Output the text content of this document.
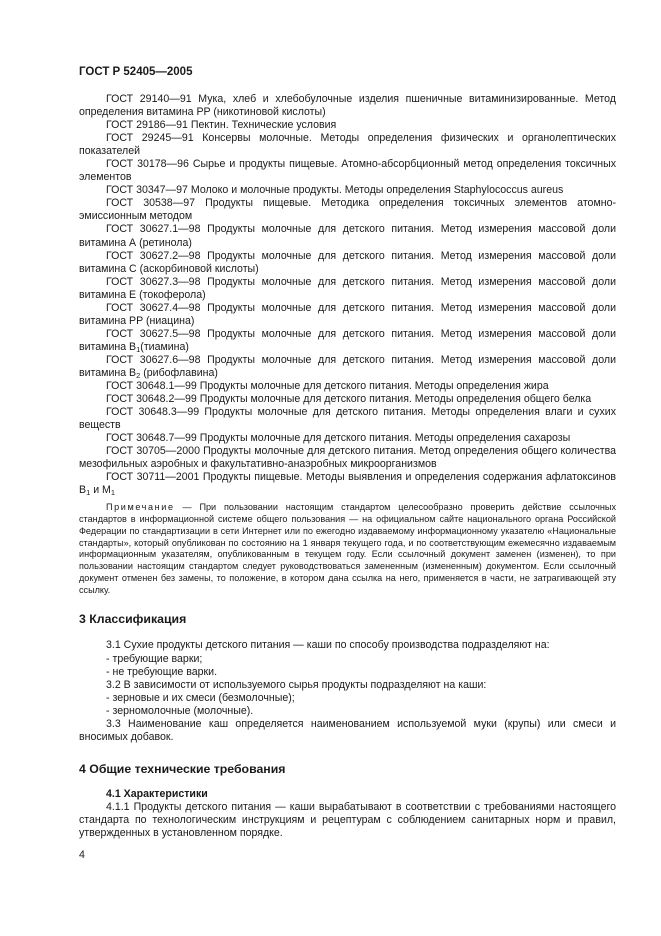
ГОСТ Р 52405—2005

ГОСТ 29140—91 Мука, хлеб и хлебобулочные изделия пшеничные витаминизированные. Метод определения витамина PP (никотиновой кислоты)

ГОСТ 29186—91 Пектин. Технические условия

ГОСТ 29245—91 Консервы молочные. Методы определения физических и органолептических показателей

ГОСТ 30178—96 Сырье и продукты пищевые. Атомно-абсорбционный метод определения токсичных элементов

ГОСТ 30347—97 Молоко и молочные продукты. Методы определения Staphylococcus aureus

ГОСТ 30538—97 Продукты пищевые. Методика определения токсичных элементов атомно-эмиссионным методом

ГОСТ 30627.1—98 Продукты молочные для детского питания. Метод измерения массовой доли витамина А (ретинола)

ГОСТ 30627.2—98 Продукты молочные для детского питания. Метод измерения массовой доли витамина С (аскорбиновой кислоты)

ГОСТ 30627.3—98 Продукты молочные для детского питания. Метод измерения массовой доли витамина Е (токоферола)

ГОСТ 30627.4—98 Продукты молочные для детского питания. Метод измерения массовой доли витамина PP (ниацина)

ГОСТ 30627.5—98 Продукты молочные для детского питания. Метод измерения массовой доли витамина $B_1(тиамина)$

ГОСТ 30627.6—98 Продукты молочные для детского питания. Метод измерения массовой доли витамина $B_2$ (рибофлавина)

ГОСТ 30648.1—99 Продукты молочные для детского питания. Методы определения жира

ГОСТ 30648.2—99 Продукты молочные для детского питания. Методы определения общего белка

ГОСТ 30648.3—99 Продукты молочные для детского питания. Методы определения влаги и сухих веществ

ГОСТ 30648.7—99 Продукты молочные для детского питания. Методы определения сахарозы

ГОСТ 30705—2000 Продукты молочные для детского питания. Метод определения общего количества мезофильных аэробных и факультативно-анаэробных микроорганизмов

ГОСТ 30711—2001 Продукты пищевые. Методы выявления и определения содержания афлатоксинов $B_1$ и $M_1$

Примечание — При пользовании настоящим стандартом целесообразно проверить действие ссылочных стандартов в информационной системе общего пользования — на официальном сайте национального органа Российской Федерации по стандартизации в сети Интернет или по ежегодно издаваемому информационному указателю «Национальные стандарты», который опубликован по состоянию на 1 января текущего года, и по соответствующим ежемесячно издаваемым информационным указателям, опубликованным в текущем году. Если ссылочный документ заменен (изменен), то при пользовании настоящим стандартом следует руководствоваться замененным (измененным) документом. Если ссылочный документ отменен без замены, то положение, в котором дана ссылка на него, применяется в части, не затрагивающей эту ссылку.

3 Классификация

3.1 Сухие продукты детского питания — каши по способу производства подразделяют на:

- требующие варки;

- не требующие варки.

3.2 В зависимости от используемого сырья продукты подразделяют на каши:

- зерновые и их смеси (безмолочные);

- зерномолочные (молочные).

3.3 Наименование каш определяется наименованием используемой муки (крупы) или смеси и вносимых добавок.

4 Общие технические требования

4.1 Характеристики

4.1.1 Продукты детского питания — каши вырабатывают в соответствии с требованиями настоящего стандарта по технологическим инструкциям и рецептурам с соблюдением санитарных норм и правил, утвержденных в установленном порядке.

4
